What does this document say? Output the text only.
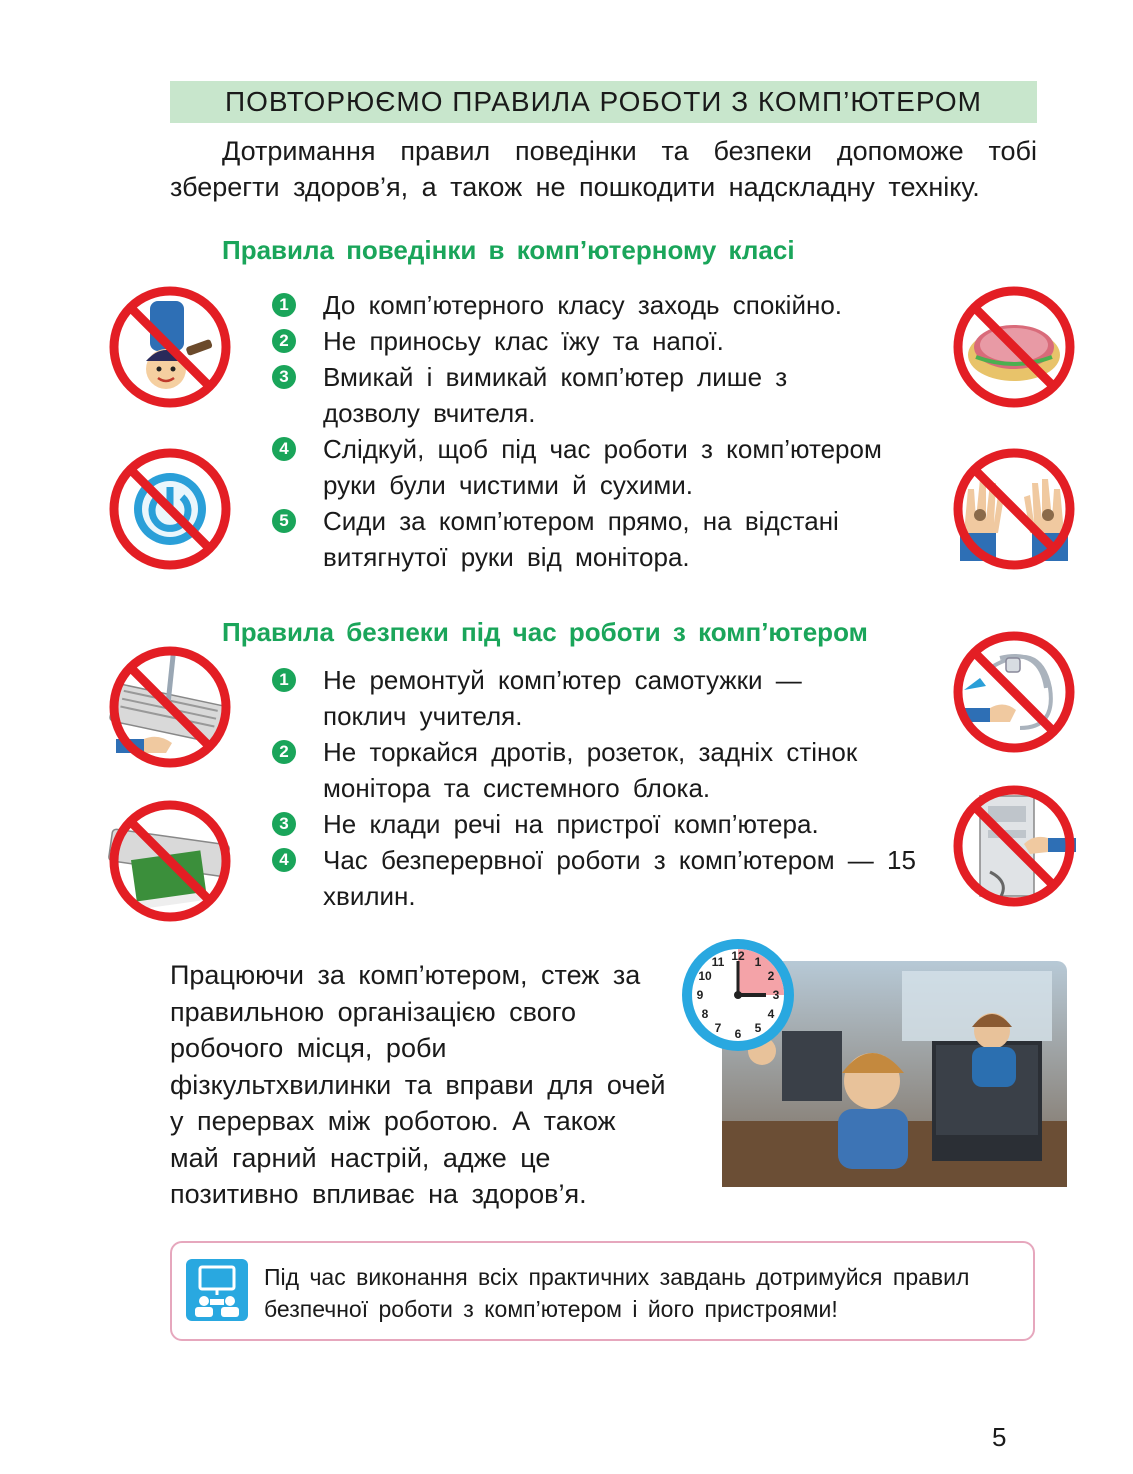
ПОВТОРЮЄМО ПРАВИЛА РОБОТИ З КОМП’ЮТЕРОМ
Дотримання правил поведінки та безпеки допоможе тобі зберегти здоров’я, а також не пошкодити надскладну техніку.
Правила поведінки в комп’ютерному класі
1 До комп’ютерного класу заходь спокійно.
2 Не приносьу клас їжу та напої.
3 Вмикай і вимикай комп’ютер лише з дозволу вчителя.
4 Слідкуй, щоб під час роботи з комп’ютером руки були чистими й сухими.
5 Сиди за комп’ютером прямо, на відстані витягнутої руки від монітора.
Правила безпеки під час роботи з комп’ютером
1 Не ремонтуй комп’ютер самотужки — поклич учителя.
2 Не торкайся дротів, розеток, задніх стінок монітора та системного блока.
3 Не клади речі на пристрої комп’ютера.
4 Час безперервної роботи з комп’ютером — 15 хвилин.
Працюючи за комп’ютером, стеж за правильною організацією свого робочого місця, роби фізкультхвилинки та вправи для очей у перервах між роботою. А також май гарний настрій, адже це позитивно впливає на здоров’я.
12 1
2
3
4
5
6
7
8
9
10
11
Під час виконання всіх практичних завдань дотримуйся правил безпечної роботи з комп’ютером і його пристроями!
5
